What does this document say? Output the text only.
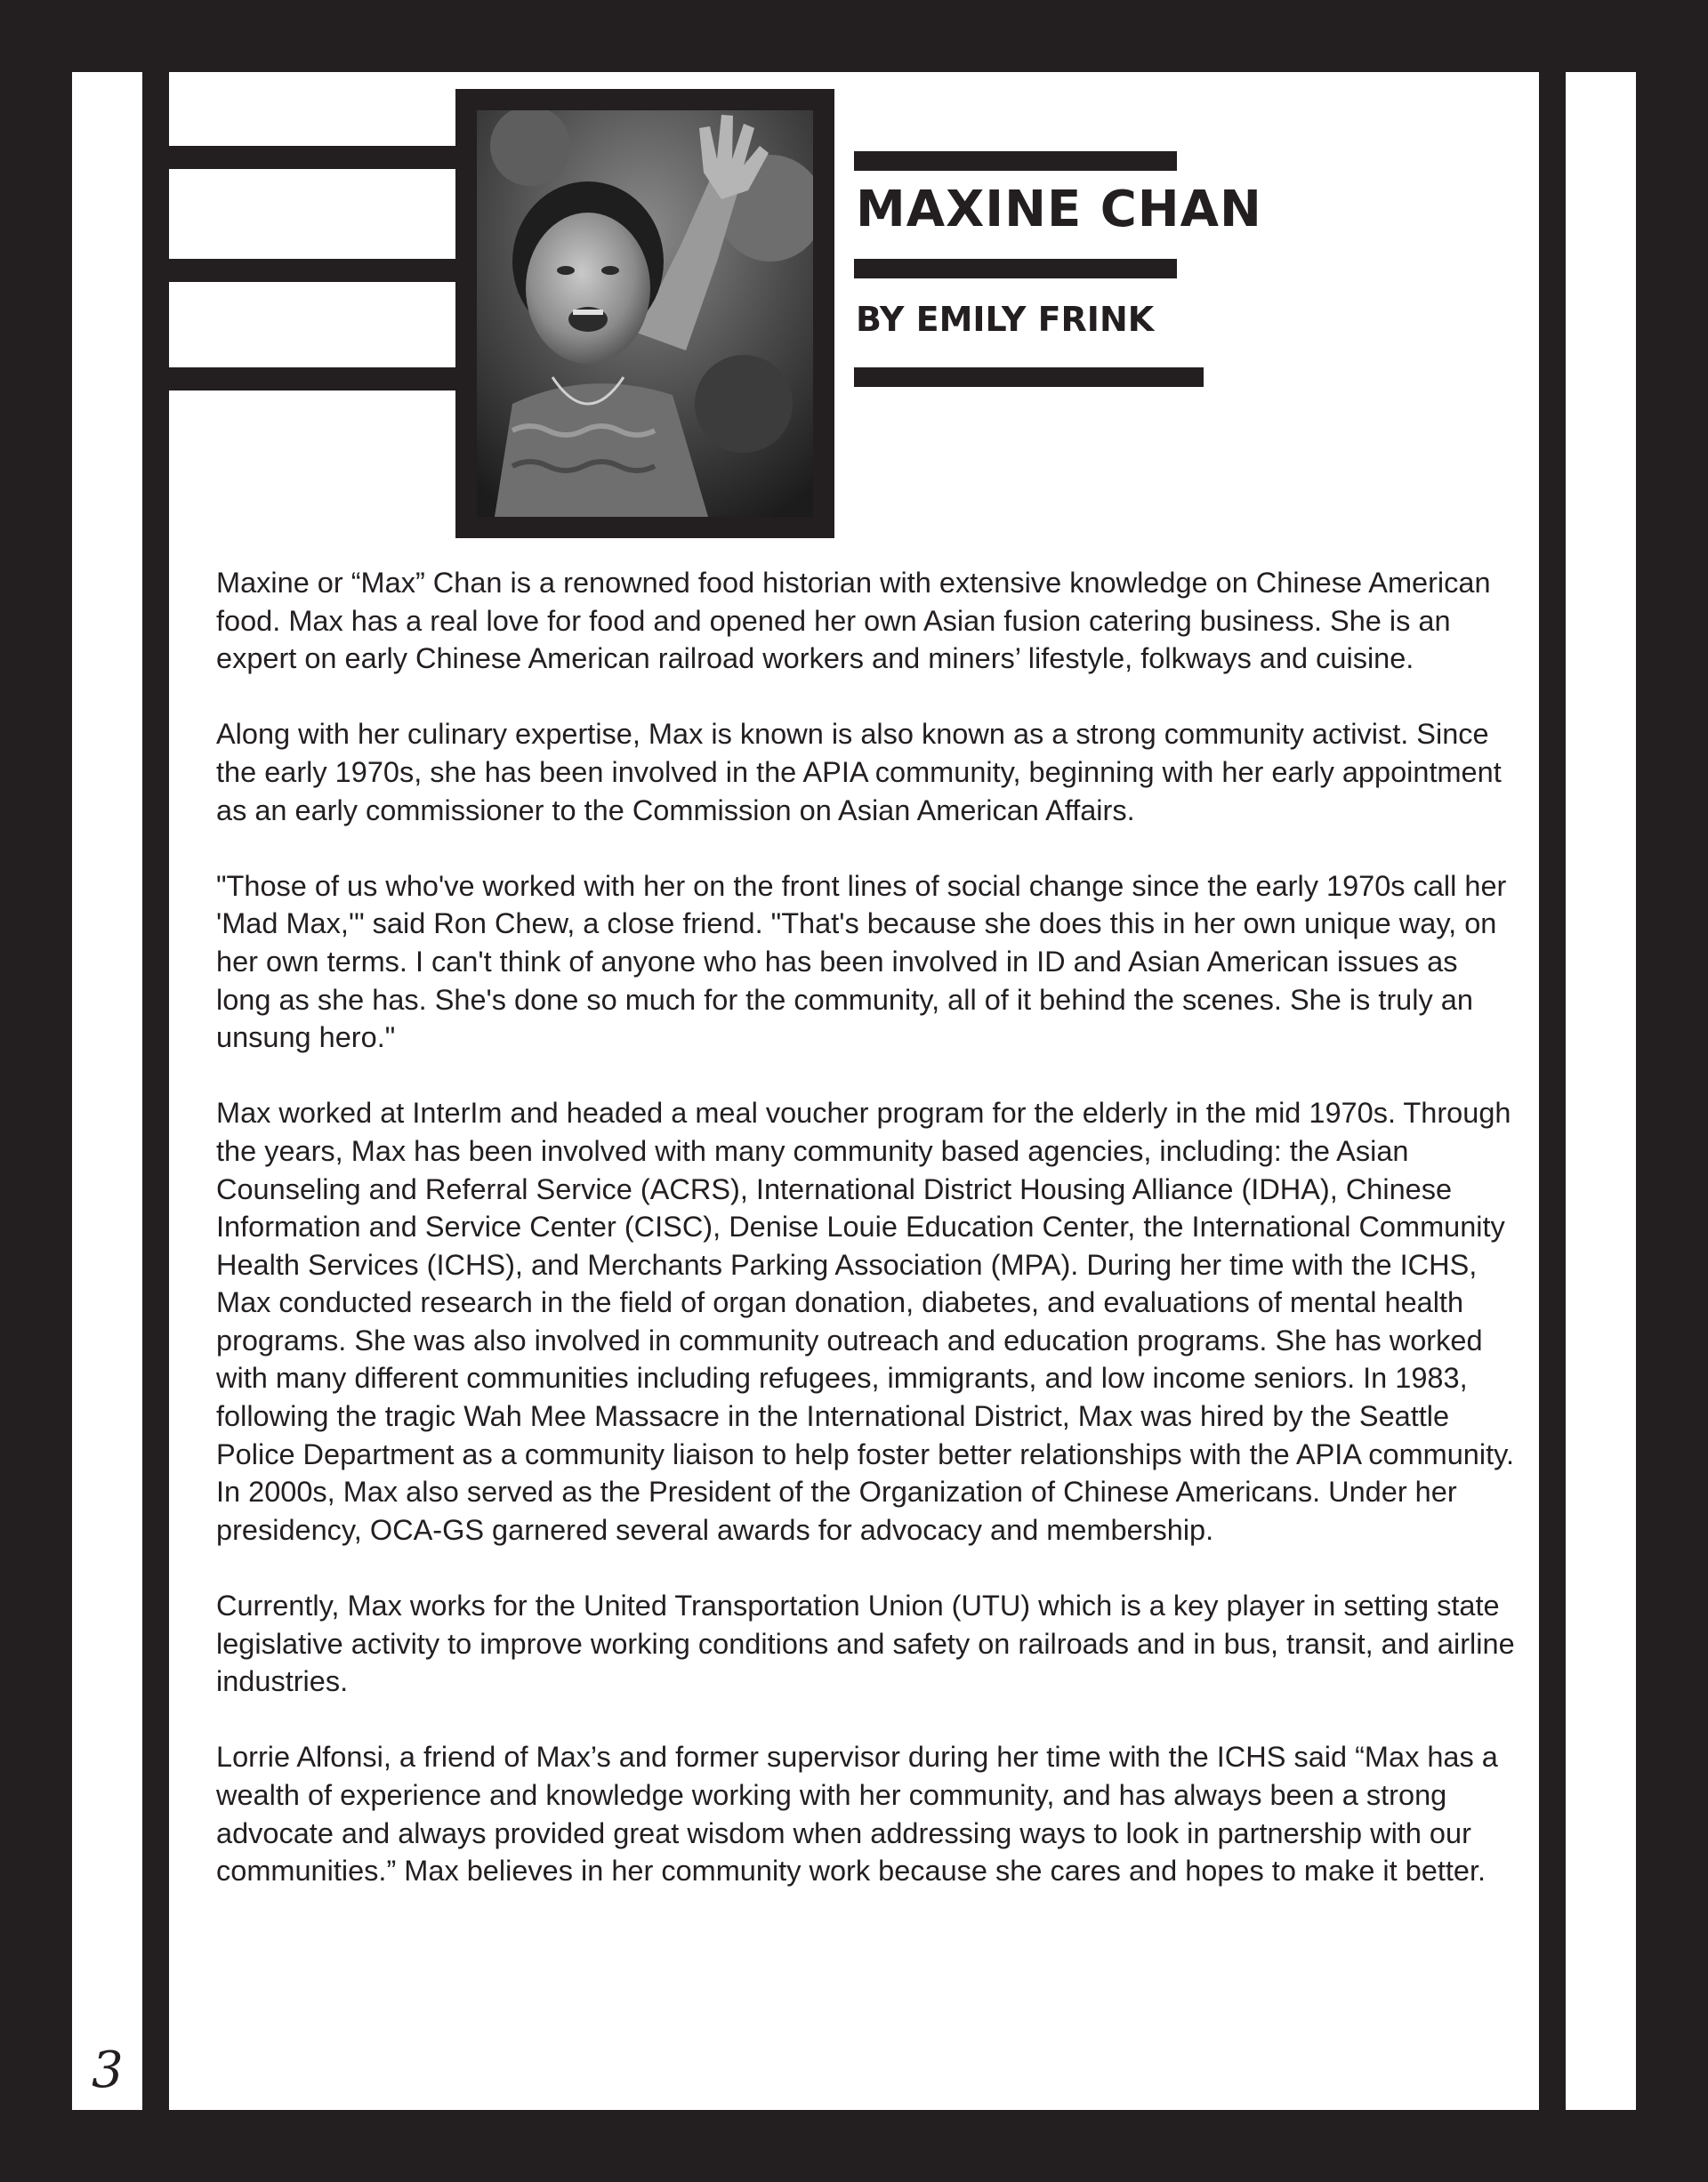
3
MAXINE CHAN
BY EMILY FRINK

Maxine or “Max” Chan is a renowned food historian with extensive knowledge on Chinese American food. Max has a real love for food and opened her own Asian fusion catering business. She is an expert on early Chinese American railroad workers and miners’ lifestyle, folkways and cuisine.

Along with her culinary expertise, Max is known is also known as a strong community activist. Since the early 1970s, she has been involved in the APIA community, beginning with her early appointment as an early commissioner to the Commission on Asian American Affairs.

"Those of us who've worked with her on the front lines of social change since the early 1970s call her 'Mad Max,'" said Ron Chew, a close friend. "That's because she does this in her own unique way, on her own terms. I can't think of anyone who has been involved in ID and Asian American issues as long as she has. She's done so much for the community, all of it behind the scenes. She is truly an unsung hero."

Max worked at InterIm and headed a meal voucher program for the elderly in the mid 1970s. Through the years, Max has been involved with many community based agencies, including: the Asian Counseling and Referral Service (ACRS), International District Housing Alliance (IDHA), Chinese Information and Service Center (CISC), Denise Louie Education Center, the International Community Health Services (ICHS), and Merchants Parking Association (MPA). During her time with the ICHS, Max conducted research in the field of organ donation, diabetes, and evaluations of mental health programs. She was also involved in community outreach and education programs. She has worked with many different communities including refugees, immigrants, and low income seniors. In 1983, following the tragic Wah Mee Massacre in the International District, Max was hired by the Seattle Police Department as a community liaison to help foster better relationships with the APIA community. In 2000s, Max also served as the President of the Organization of Chinese Americans. Under her presidency, OCA-GS garnered several awards for advocacy and membership.

Currently, Max works for the United Transportation Union (UTU) which is a key player in setting state legislative activity to improve working conditions and safety on railroads and in bus, transit, and airline industries.

Lorrie Alfonsi, a friend of Max’s and former supervisor during her time with the ICHS said “Max has a wealth of experience and knowledge working with her community, and has always been a strong advocate and always provided great wisdom when addressing ways to look in partnership with our communities.” Max believes in her community work because she cares and hopes to make it better.
